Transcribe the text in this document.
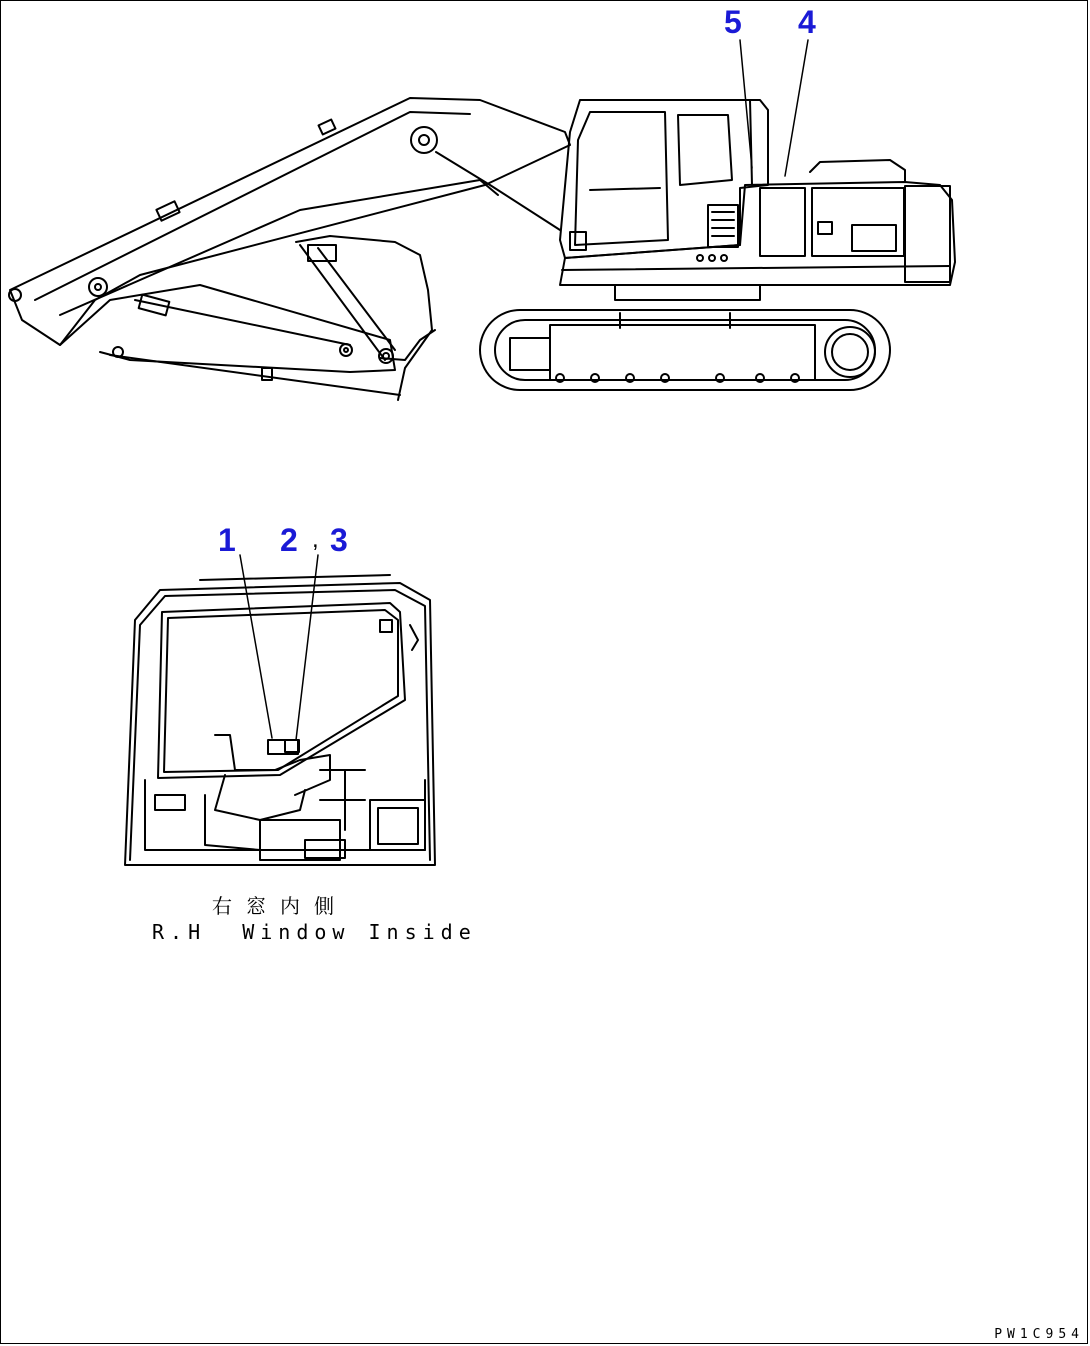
5 4
1 2 , 3
右窓内側
R.H  Window Inside
PW1C954
